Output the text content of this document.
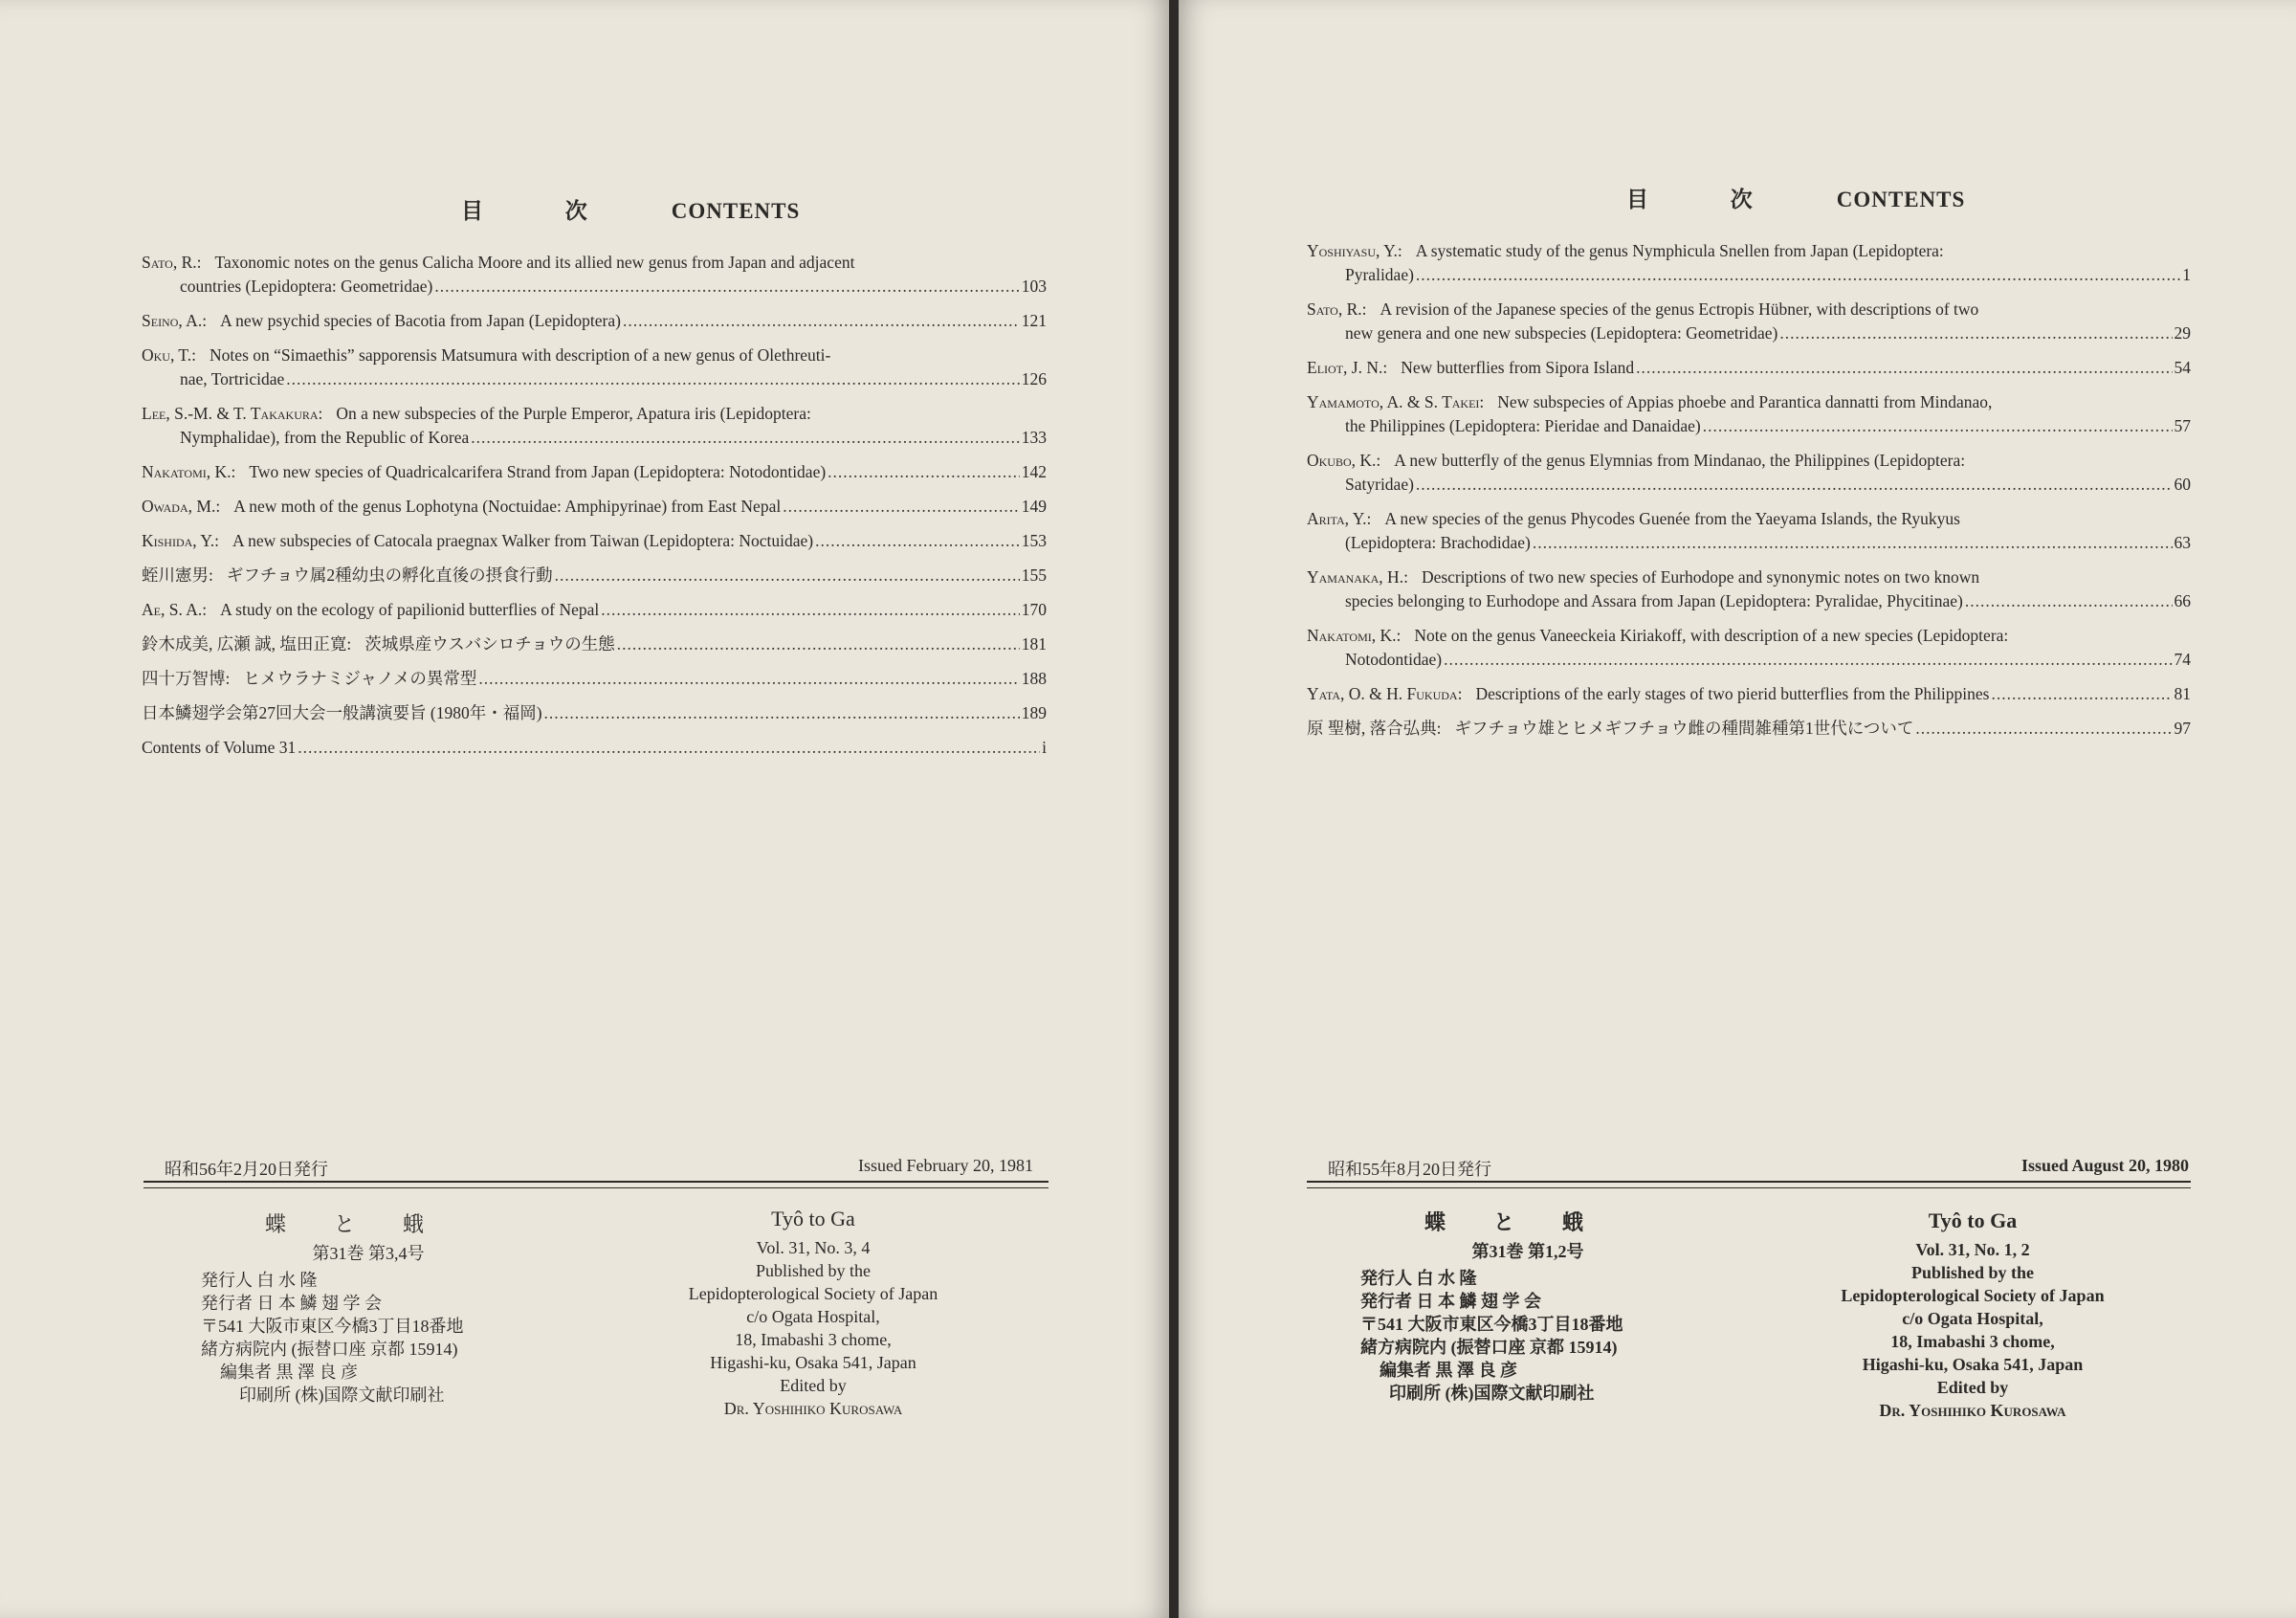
目 次 CONTENTS
Sato, R.: Taxonomic notes on the genus Calicha Moore and its allied new genus from Japan and adjacent
countries (Lepidoptera: Geometridae) .....	103
Seino, A.: A new psychid species of Bacotia from Japan (Lepidoptera) .....	121
Oku, T.: Notes on “Simaethis” sapporensis Matsumura with description of a new genus of Olethreuti-
nae, Tortricidae .....	126
Lee, S.-M. & T. Takakura: On a new subspecies of the Purple Emperor, Apatura iris (Lepidoptera:
Nymphalidae), from the Republic of Korea .....	133
Nakatomi, K.: Two new species of Quadricalcarifera Strand from Japan (Lepidoptera: Notodontidae) .....	142
Owada, M.: A new moth of the genus Lophotyna (Noctuidae: Amphipyrinae) from East Nepal .....	149
Kishida, Y.: A new subspecies of Catocala praegnax Walker from Taiwan (Lepidoptera: Noctuidae) .....	153
蛭川憲男: ギフチョウ属2種幼虫の孵化直後の摂食行動 .....	155
Ae, S. A.: A study on the ecology of papilionid butterflies of Nepal .....	170
鈴木成美, 広瀬 誠, 塩田正寛: 茨城県産ウスバシロチョウの生態 .....	181
四十万智博: ヒメウラナミジャノメの異常型 .....	188
日本鱗翅学会第27回大会一般講演要旨 (1980年・福岡) .....	189
Contents of Volume 31 .....	i
昭和56年2月20日発行	Issued February 20, 1981
蝶と蛾
第31巻 第3,4号
発行人 白 水 隆
発行者 日 本 鱗 翅 学 会
〒541 大阪市東区今橋3丁目18番地
緒方病院内 (振替口座 京都 15914)
編集者 黒 澤 良 彦
印刷所 (株)国際文献印刷社
Tyô to Ga
Vol. 31, No. 3, 4
Published by the
Lepidopterological Society of Japan
c/o Ogata Hospital,
18, Imabashi 3 chome,
Higashi-ku, Osaka 541, Japan
Edited by
Dr. Yoshihiko Kurosawa
目 次 CONTENTS
Yoshiyasu, Y.: A systematic study of the genus Nymphicula Snellen from Japan (Lepidoptera:
Pyralidae) .....	1
Sato, R.: A revision of the Japanese species of the genus Ectropis Hübner, with descriptions of two
new genera and one new subspecies (Lepidoptera: Geometridae) .....	29
Eliot, J. N.: New butterflies from Sipora Island .....	54
Yamamoto, A. & S. Takei: New subspecies of Appias phoebe and Parantica dannatti from Mindanao,
the Philippines (Lepidoptera: Pieridae and Danaidae) .....	57
Okubo, K.: A new butterfly of the genus Elymnias from Mindanao, the Philippines (Lepidoptera:
Satyridae) .....	60
Arita, Y.: A new species of the genus Phycodes Guenée from the Yaeyama Islands, the Ryukyus
(Lepidoptera: Brachodidae) .....	63
Yamanaka, H.: Descriptions of two new species of Eurhodope and synonymic notes on two known
species belonging to Eurhodope and Assara from Japan (Lepidoptera: Pyralidae, Phycitinae) .....	66
Nakatomi, K.: Note on the genus Vaneeckeia Kiriakoff, with description of a new species (Lepidoptera:
Notodontidae) .....	74
Yata, O. & H. Fukuda: Descriptions of the early stages of two pierid butterflies from the Philippines .....	81
原 聖樹, 落合弘典: ギフチョウ雄とヒメギフチョウ雌の種間雑種第1世代について .....	97
昭和55年8月20日発行	Issued August 20, 1980
蝶と蛾
第31巻 第1,2号
発行人 白 水 隆
発行者 日 本 鱗 翅 学 会
〒541 大阪市東区今橋3丁目18番地
緒方病院内 (振替口座 京都 15914)
編集者 黒 澤 良 彦
印刷所 (株)国際文献印刷社
Tyô to Ga
Vol. 31, No. 1, 2
Published by the
Lepidopterological Society of Japan
c/o Ogata Hospital,
18, Imabashi 3 chome,
Higashi-ku, Osaka 541, Japan
Edited by
Dr. Yoshihiko Kurosawa
